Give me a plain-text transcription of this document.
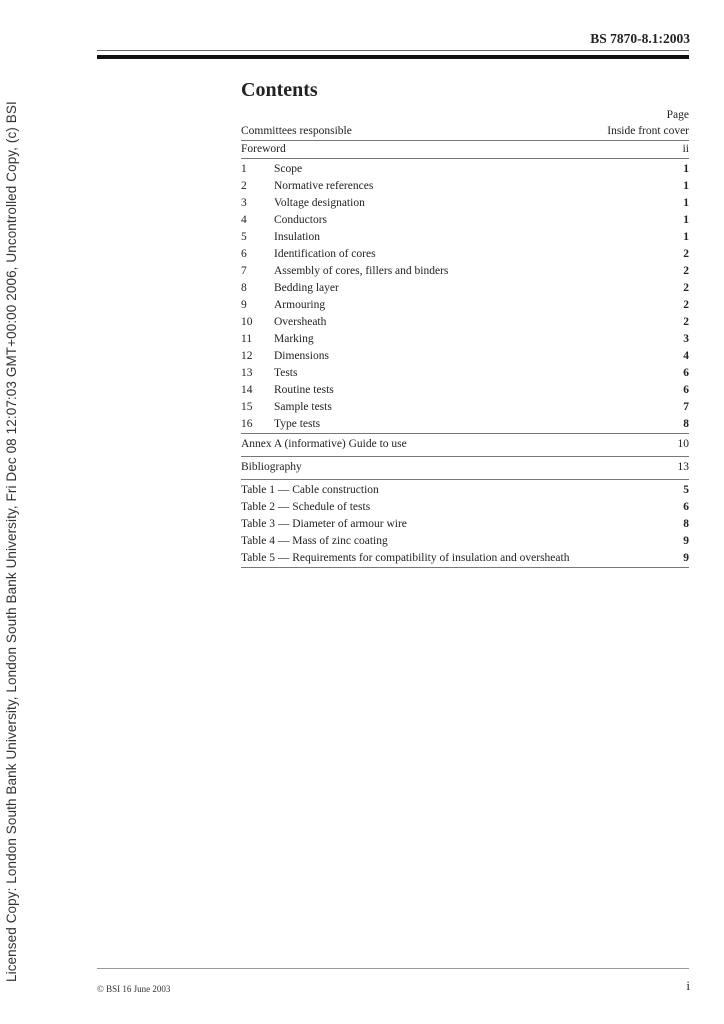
Licensed Copy: London South Bank University, London South Bank University, Fri Dec 08 12:07:03 GMT+00:00 2006, Uncontrolled Copy, (c) BSI
BS 7870-8.1:2003
Contents
Page
Committees responsible	Inside front cover
Foreword	ii
1	Scope	1
2	Normative references	1
3	Voltage designation	1
4	Conductors	1
5	Insulation	1
6	Identification of cores	2
7	Assembly of cores, fillers and binders	2
8	Bedding layer	2
9	Armouring	2
10	Oversheath	2
11	Marking	3
12	Dimensions	4
13	Tests	6
14	Routine tests	6
15	Sample tests	7
16	Type tests	8
Annex A (informative) Guide to use	10
Bibliography	13
Table 1 — Cable construction	5
Table 2 — Schedule of tests	6
Table 3 — Diameter of armour wire	8
Table 4 — Mass of zinc coating	9
Table 5 — Requirements for compatibility of insulation and oversheath	9
© BSI 16 June 2003	i
